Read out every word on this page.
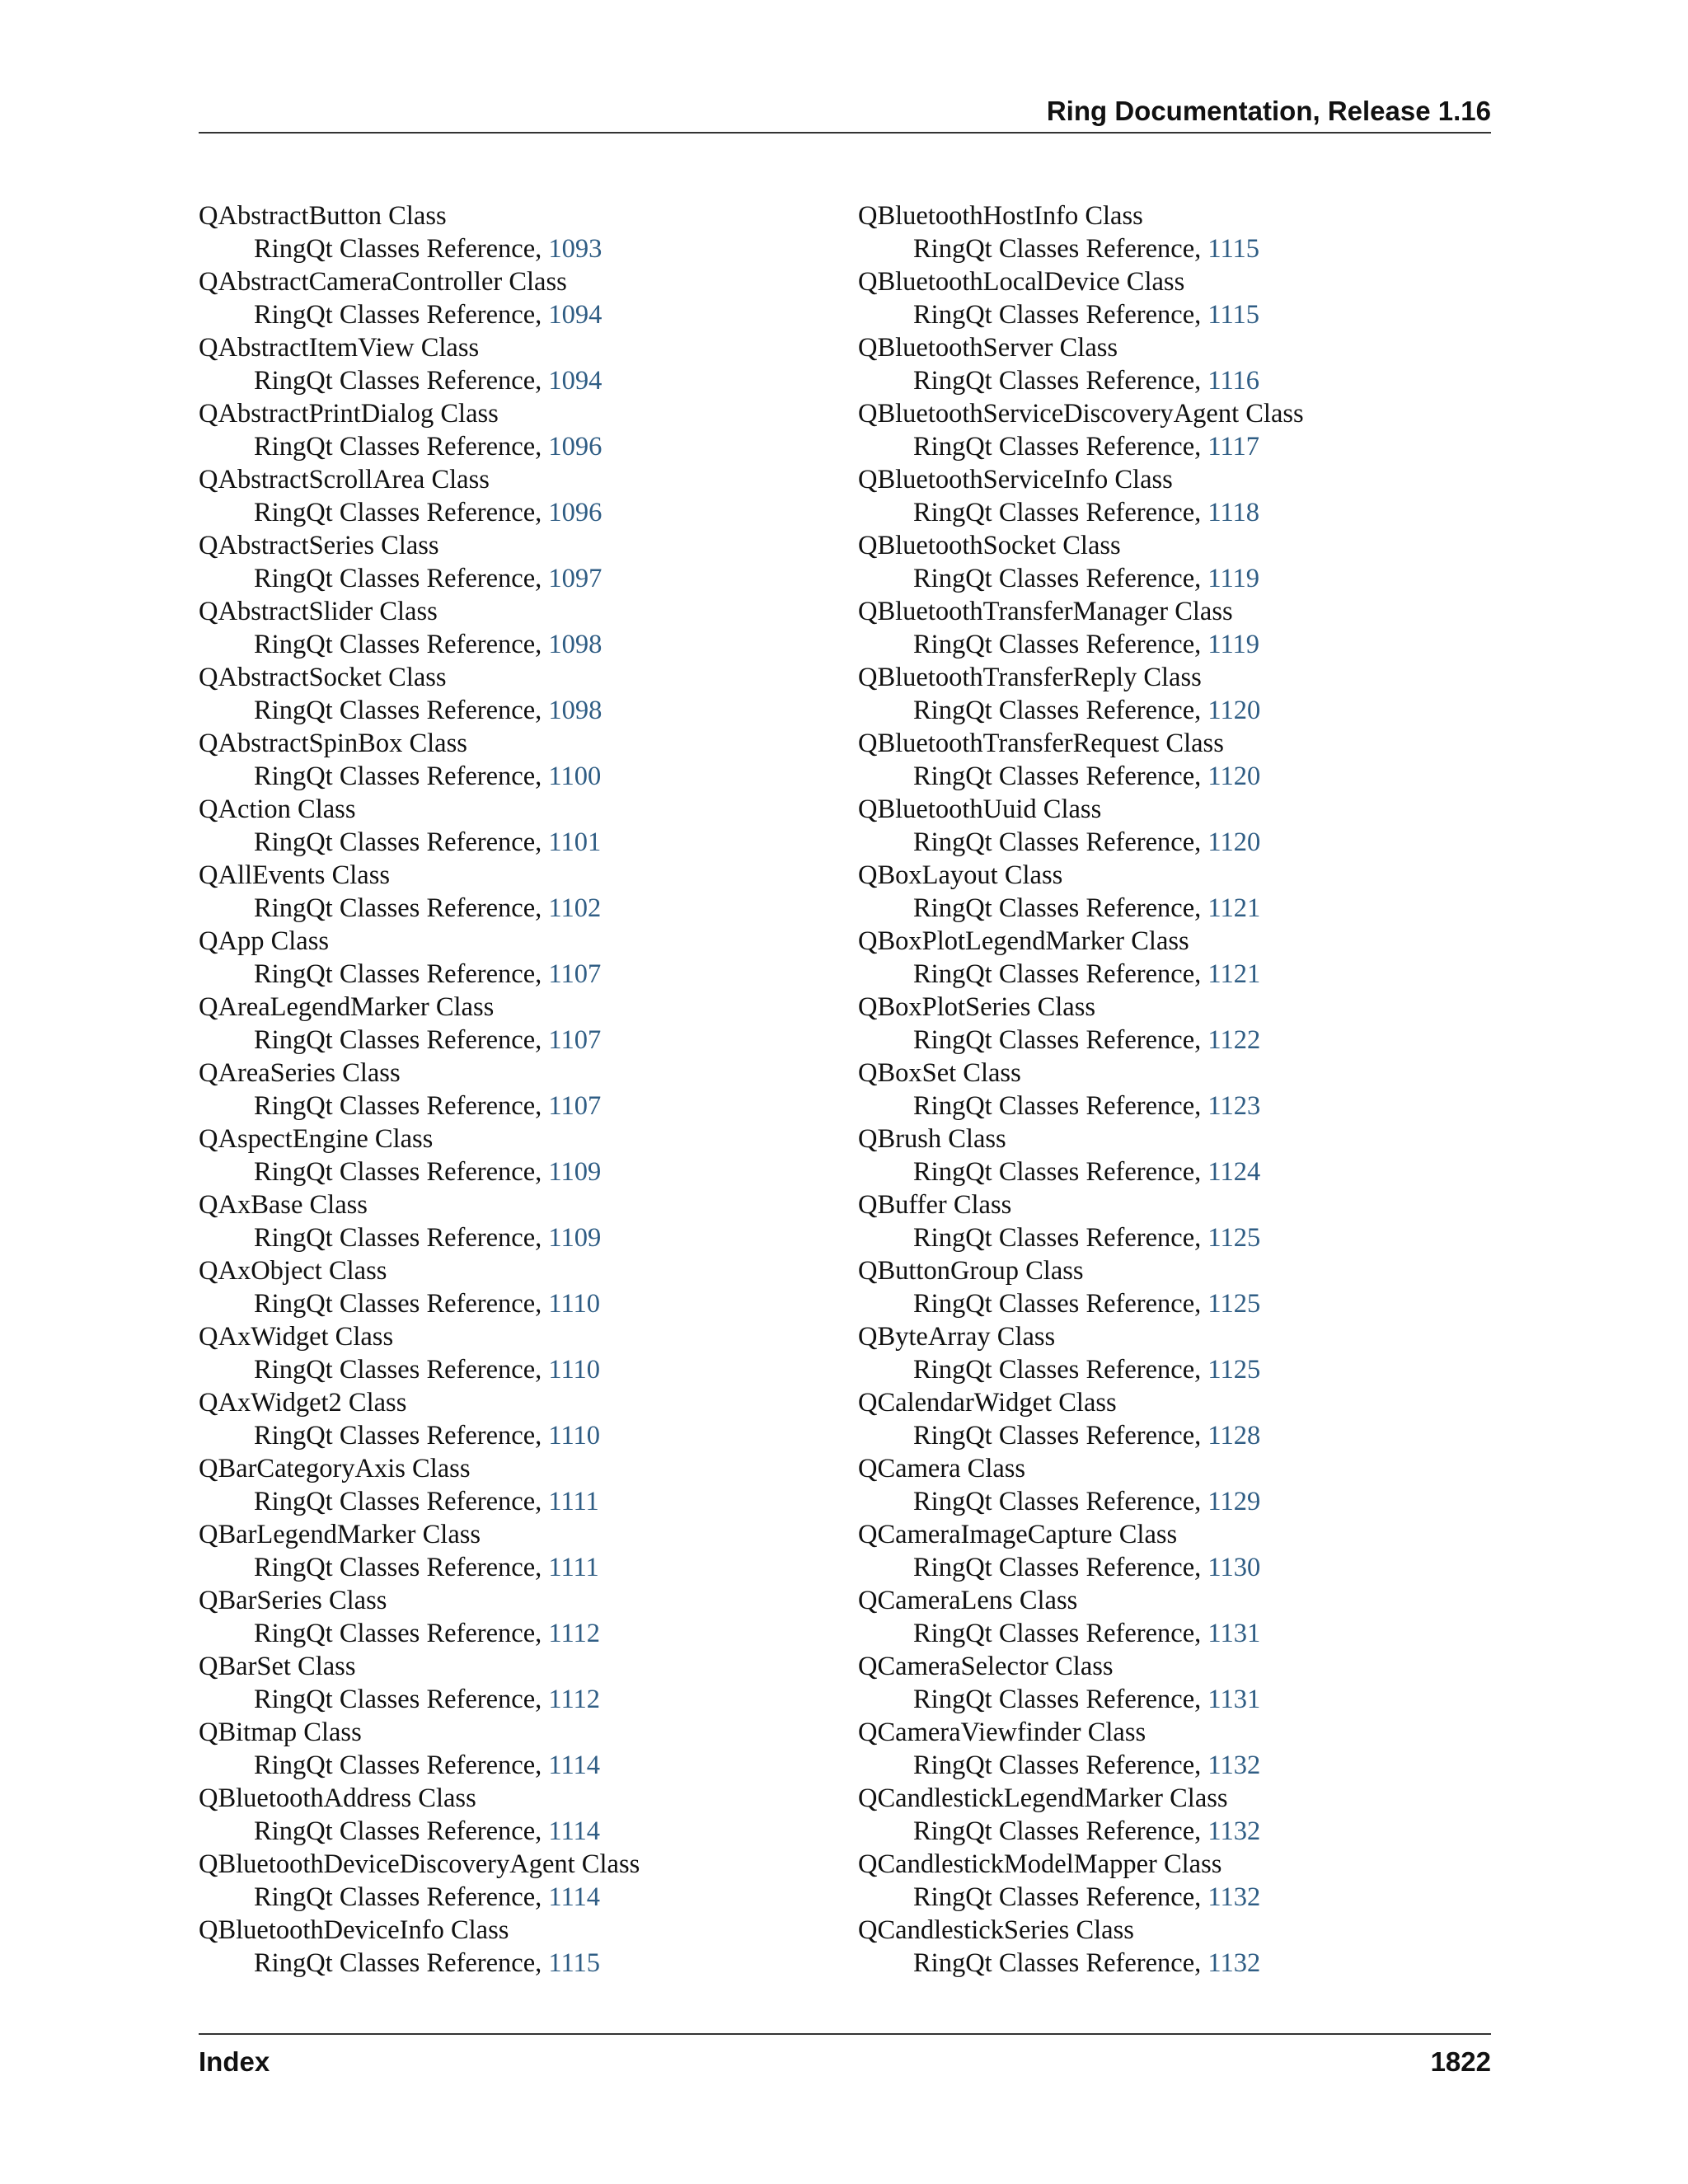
Ring Documentation, Release 1.16
QAbstractButton Class
RingQt Classes Reference, 1093
QAbstractCameraController Class
RingQt Classes Reference, 1094
QAbstractItemView Class
RingQt Classes Reference, 1094
QAbstractPrintDialog Class
RingQt Classes Reference, 1096
QAbstractScrollArea Class
RingQt Classes Reference, 1096
QAbstractSeries Class
RingQt Classes Reference, 1097
QAbstractSlider Class
RingQt Classes Reference, 1098
QAbstractSocket Class
RingQt Classes Reference, 1098
QAbstractSpinBox Class
RingQt Classes Reference, 1100
QAction Class
RingQt Classes Reference, 1101
QAllEvents Class
RingQt Classes Reference, 1102
QApp Class
RingQt Classes Reference, 1107
QAreaLegendMarker Class
RingQt Classes Reference, 1107
QAreaSeries Class
RingQt Classes Reference, 1107
QAspectEngine Class
RingQt Classes Reference, 1109
QAxBase Class
RingQt Classes Reference, 1109
QAxObject Class
RingQt Classes Reference, 1110
QAxWidget Class
RingQt Classes Reference, 1110
QAxWidget2 Class
RingQt Classes Reference, 1110
QBarCategoryAxis Class
RingQt Classes Reference, 1111
QBarLegendMarker Class
RingQt Classes Reference, 1111
QBarSeries Class
RingQt Classes Reference, 1112
QBarSet Class
RingQt Classes Reference, 1112
QBitmap Class
RingQt Classes Reference, 1114
QBluetoothAddress Class
RingQt Classes Reference, 1114
QBluetoothDeviceDiscoveryAgent Class
RingQt Classes Reference, 1114
QBluetoothDeviceInfo Class
RingQt Classes Reference, 1115
QBluetoothHostInfo Class
RingQt Classes Reference, 1115
QBluetoothLocalDevice Class
RingQt Classes Reference, 1115
QBluetoothServer Class
RingQt Classes Reference, 1116
QBluetoothServiceDiscoveryAgent Class
RingQt Classes Reference, 1117
QBluetoothServiceInfo Class
RingQt Classes Reference, 1118
QBluetoothSocket Class
RingQt Classes Reference, 1119
QBluetoothTransferManager Class
RingQt Classes Reference, 1119
QBluetoothTransferReply Class
RingQt Classes Reference, 1120
QBluetoothTransferRequest Class
RingQt Classes Reference, 1120
QBluetoothUuid Class
RingQt Classes Reference, 1120
QBoxLayout Class
RingQt Classes Reference, 1121
QBoxPlotLegendMarker Class
RingQt Classes Reference, 1121
QBoxPlotSeries Class
RingQt Classes Reference, 1122
QBoxSet Class
RingQt Classes Reference, 1123
QBrush Class
RingQt Classes Reference, 1124
QBuffer Class
RingQt Classes Reference, 1125
QButtonGroup Class
RingQt Classes Reference, 1125
QByteArray Class
RingQt Classes Reference, 1125
QCalendarWidget Class
RingQt Classes Reference, 1128
QCamera Class
RingQt Classes Reference, 1129
QCameraImageCapture Class
RingQt Classes Reference, 1130
QCameraLens Class
RingQt Classes Reference, 1131
QCameraSelector Class
RingQt Classes Reference, 1131
QCameraViewfinder Class
RingQt Classes Reference, 1132
QCandlestickLegendMarker Class
RingQt Classes Reference, 1132
QCandlestickModelMapper Class
RingQt Classes Reference, 1132
QCandlestickSeries Class
RingQt Classes Reference, 1132
Index	1822
